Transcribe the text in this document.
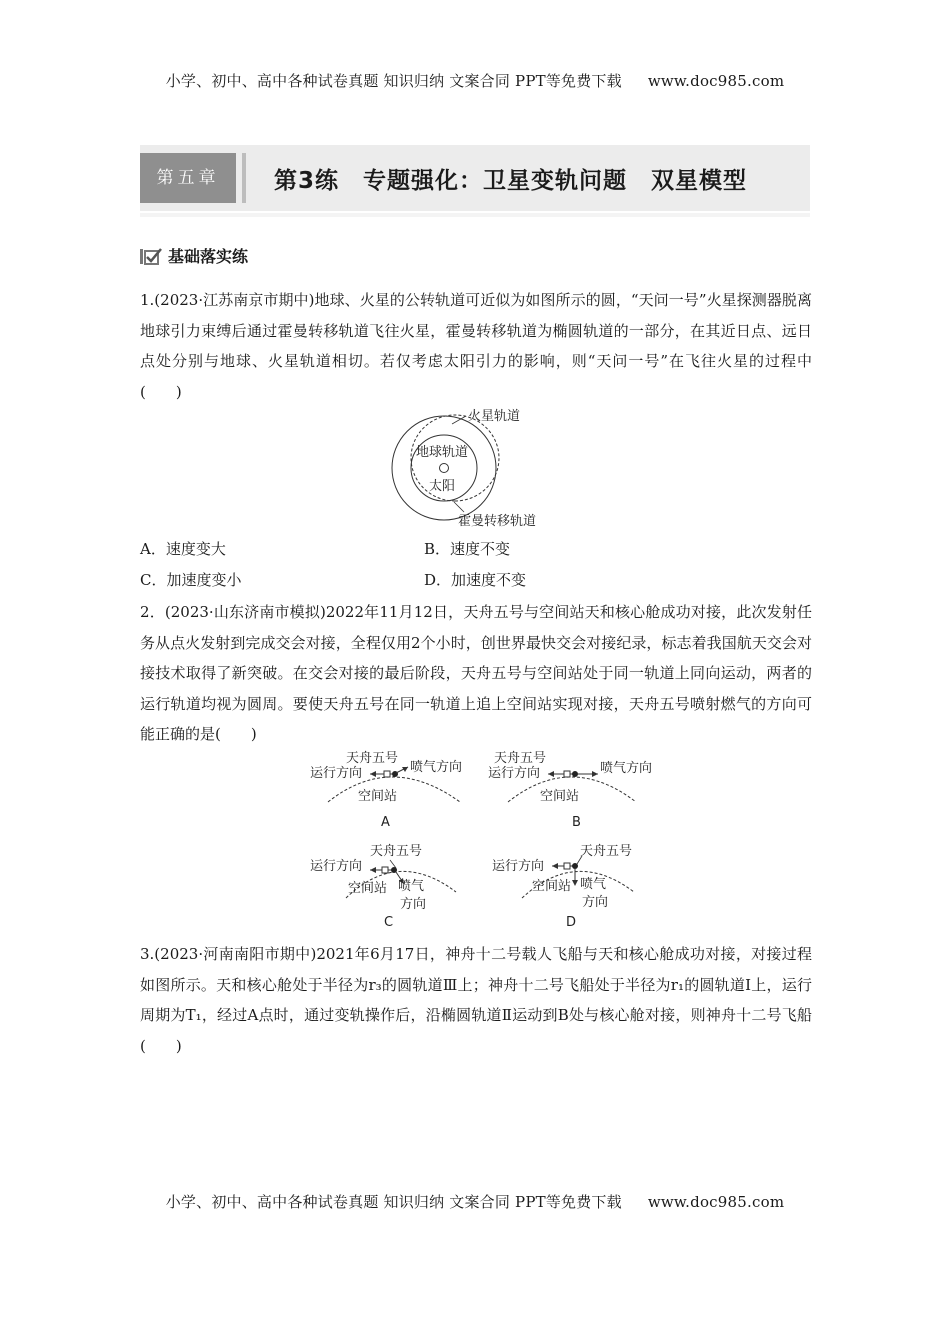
小学、初中、高中各种试卷真题 知识归纳 文案合同 PPT等免费下载 www.doc985.com
第五章	第3练　专题强化：卫星变轨问题　双星模型
基础落实练
1.(2023·江苏南京市期中)地球、火星的公转轨道可近似为如图所示的圆，“天问一号”火星探测器脱离地球引力束缚后通过霍曼转移轨道飞往火星，霍曼转移轨道为椭圆轨道的一部分，在其近日点、远日点处分别与地球、火星轨道相切。若仅考虑太阳引力的影响，则“天问一号”在飞往火星的过程中(　　)
火星轨道
地球轨道
太阳
霍曼转移轨道
A．速度变大	B．速度不变
C．加速度变小	D．加速度不变
2．(2023·山东济南市模拟)2022年11月12日，天舟五号与空间站天和核心舱成功对接，此次发射任务从点火发射到完成交会对接，全程仅用2个小时，创世界最快交会对接纪录，标志着我国航天交会对接技术取得了新突破。在交会对接的最后阶段，天舟五号与空间站处于同一轨道上同向运动，两者的运行轨道均视为圆周。要使天舟五号在同一轨道上追上空间站实现对接，天舟五号喷射燃气的方向可能正确的是(　　)
天舟五号
运行方向	喷气方向
空间站
A
天舟五号
运行方向	喷气方向
空间站
B
天舟五号
运行方向
空间站 喷气
方向
C
天舟五号
运行方向
空间站 喷气
方向
D
3.(2023·河南南阳市期中)2021年6月17日，神舟十二号载人飞船与天和核心舱成功对接，对接过程如图所示。天和核心舱处于半径为r₃的圆轨道Ⅲ上；神舟十二号飞船处于半径为r₁的圆轨道Ⅰ上，运行周期为T₁，经过A点时，通过变轨操作后，沿椭圆轨道Ⅱ运动到B处与核心舱对接，则神舟十二号飞船(　　)
小学、初中、高中各种试卷真题 知识归纳 文案合同 PPT等免费下载 www.doc985.com
